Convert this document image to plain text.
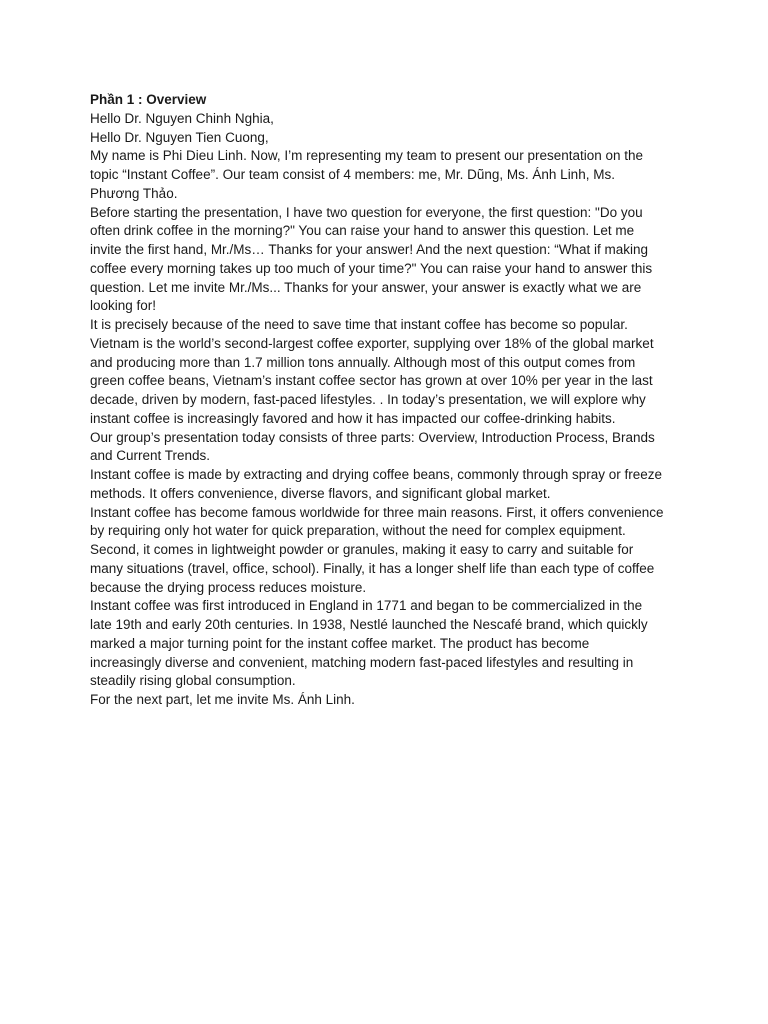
Phần 1 : Overview

Hello Dr. Nguyen Chinh Nghia,

Hello Dr. Nguyen Tien Cuong,

My name is Phi Dieu Linh. Now, I’m representing my team to present our presentation on the

topic “Instant Coffee”. Our team consist of 4 members: me, Mr. Dũng, Ms. Ánh Linh, Ms.

Phương Thảo.

Before starting the presentation, I have two question for everyone, the first question: "Do you

often drink coffee in the morning?" You can raise your hand to answer this question. Let me

invite the first hand, Mr./Ms… Thanks for your answer! And the next question: “What if making

coffee every morning takes up too much of your time?" You can raise your hand to answer this

question. Let me invite Mr./Ms... Thanks for your answer, your answer is exactly what we are

looking for!

It is precisely because of the need to save time that instant coffee has become so popular.

Vietnam is the world’s second-largest coffee exporter, supplying over 18% of the global market

and producing more than 1.7 million tons annually. Although most of this output comes from

green coffee beans, Vietnam’s instant coffee sector has grown at over 10% per year in the last

decade, driven by modern, fast-paced lifestyles. . In today’s presentation, we will explore why

instant coffee is increasingly favored and how it has impacted our coffee-drinking habits.

Our group’s presentation today consists of three parts: Overview, Introduction Process, Brands

and Current Trends.

Instant coffee is made by extracting and drying coffee beans, commonly through spray or freeze

methods. It offers convenience, diverse flavors, and significant global market.

Instant coffee has become famous worldwide for three main reasons. First, it offers convenience

by requiring only hot water for quick preparation, without the need for complex equipment.

Second, it comes in lightweight powder or granules, making it easy to carry and suitable for

many situations (travel, office, school). Finally, it has a longer shelf life than each type of coffee

because the drying process reduces moisture.

Instant coffee was first introduced in England in 1771 and began to be commercialized in the

late 19th and early 20th centuries. In 1938, Nestlé launched the Nescafé brand, which quickly

marked a major turning point for the instant coffee market. The product has become

increasingly diverse and convenient, matching modern fast-paced lifestyles and resulting in

steadily rising global consumption.

For the next part, let me invite Ms. Ánh Linh.
